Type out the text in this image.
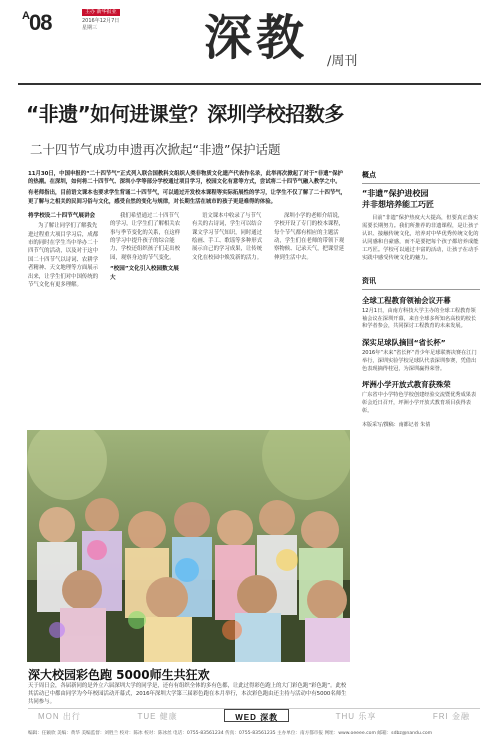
$^A$08	主办 新华报业
2016年12月7日
星期三	深教 /周刊
“非遗”如何进课堂？深圳学校招数多
二十四节气成功申遗再次掀起“非遗”保护话题

11月30日，中国申报的“二十四节气”正式列入联合国教科文组织人类非物质文化遗产代表作名录，此举再次掀起了对于“非遗”保护的热潮。在深圳，如何将二十四节气、深圳小学等部分学校通过项目学习，校园文化有意等方式，尝试将二十四节气融入教学之中。

有老师指出，目前语文课本也要求学生背诵二十四节气，可以通过开发校本课程等实际拓展性的学习，让学生不仅了解了二十四节气，更了解与之相关的民间习俗与文化，感受自然的变化与规律，对长期生活在城市的孩子更是难得的体验。

将学校设二十四节气展讲会

为了解让同学们了解我先进过程重大项目学习后，成都市的同时在学生当中举办二十四节气的活动，以及对于这中国二十四节气以诗词、农耕学者精神、天文地理等方面展示出来，让学生们对中国传统的节气文化有更多理解。

我们希望通过二十四节气的学习，让学生们了解相关农事与季节变化的关系，在这样的学习中提升孩子的综合能力，学校还组织孩子们走出校园，观察身边的节气变化。

“校园”文化引入校园数文展大

语文课本中收录了与节气有关的古诗词，学生可以结合课文学习节气知识，同时通过绘画、手工、歌谣等多种形式展示自己的学习成果，让传统文化在校园中焕发新的活力。

深圳小学的老师介绍说，学校开设了专门的校本课程，每个节气都有相应的主题活动，学生们在老师的带领下观察物候、记录天气，把课堂延伸到生活中去。

深大校园彩色跑 5000师生共狂欢
天于周日会，各届新同的是外立六届深圳大学的同学是，还有有组织全体的多有色都，让此过得彩色跑上的大门彩色跑“彩色跑”。此校其活动已中都由同学为今年校园活动开幕式，2016年深圳大学第三届彩色跑在本月举行，本次彩色跑由还主持与活动中有5000名师生共同参与。
概点
“非遗”保护进校园
并非想培养能工巧匠

目前“非遗”保护热度大大提高，但要真正落实需要长期努力。我们所推荐的非遗课程，是让孩子认识、接触传统文化，培养对中华优秀传统文化的认同感和自豪感，而不是要把每个孩子都培养成能工巧匠。学校可以通过丰富的活动，让孩子在动手实践中感受传统文化的魅力。

资讯
全球工程教育领袖会议开幕

12月1日，由南方科技大学主办的全球工程教育领袖会议在深圳开幕，来自全球多所知名高校的校长和学者参会，共同探讨工程教育的未来发展。

深实足球队摘回“省长杯”

2016年“未来”省长杯“青少年足球联赛决赛在江门举行，深圳实验学校足球队代表深圳参赛，凭借出色表现摘得桂冠，为深圳赢得荣誉。

坪洲小学开放式教育获殊荣

广东省中小学特色学校创建经验交流暨优秀成果表彰会近日召开，坪洲小学开放式教育项目获得表彰。

本版采写/撰稿：南都记者 朱倩
MON 出行	TUE 健康	WED 深教	THU 乐享	FRI 金融
编辑：任颖欣 美编：黄华 美编监督：刘胜兰 校对：陈冰 校对：陈冰丝 电话：0755-83561234 传真：0755-83561235 主办单位：南方都市报 网址：www.oeeee.com 邮箱：sdbz@nandu.com
